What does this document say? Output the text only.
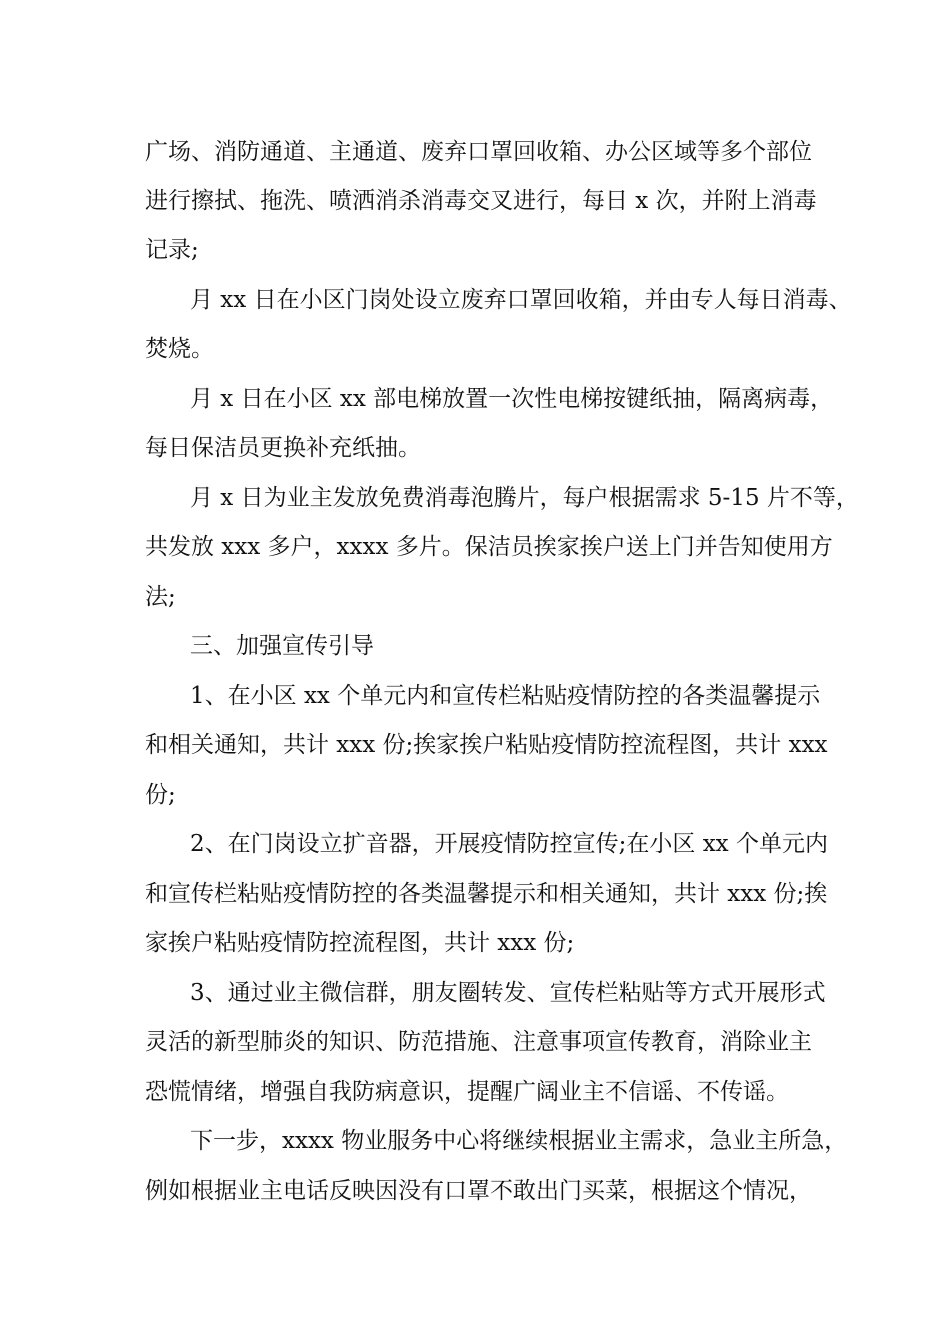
广场、消防通道、主通道、废弃口罩回收箱、办公区域等多个部位
进行擦拭、拖洗、喷洒消杀消毒交叉进行，每日 x 次，并附上消毒
记录;
月 xx 日在小区门岗处设立废弃口罩回收箱，并由专人每日消毒、
焚烧。
月 x 日在小区 xx 部电梯放置一次性电梯按键纸抽，隔离病毒，
每日保洁员更换补充纸抽。
月 x 日为业主发放免费消毒泡腾片，每户根据需求 5-15 片不等，
共发放 xxx 多户，xxxx 多片。保洁员挨家挨户送上门并告知使用方
法;
三、加强宣传引导
1、在小区 xx 个单元内和宣传栏粘贴疫情防控的各类温馨提示
和相关通知，共计 xxx 份;挨家挨户粘贴疫情防控流程图，共计 xxx
份;
2、在门岗设立扩音器，开展疫情防控宣传;在小区 xx 个单元内
和宣传栏粘贴疫情防控的各类温馨提示和相关通知，共计 xxx 份;挨
家挨户粘贴疫情防控流程图，共计 xxx 份;
3、通过业主微信群，朋友圈转发、宣传栏粘贴等方式开展形式
灵活的新型肺炎的知识、防范措施、注意事项宣传教育，消除业主
恐慌情绪，增强自我防病意识，提醒广阔业主不信谣、不传谣。
下一步，xxxx 物业服务中心将继续根据业主需求，急业主所急，
例如根据业主电话反映因没有口罩不敢出门买菜，根据这个情况，
